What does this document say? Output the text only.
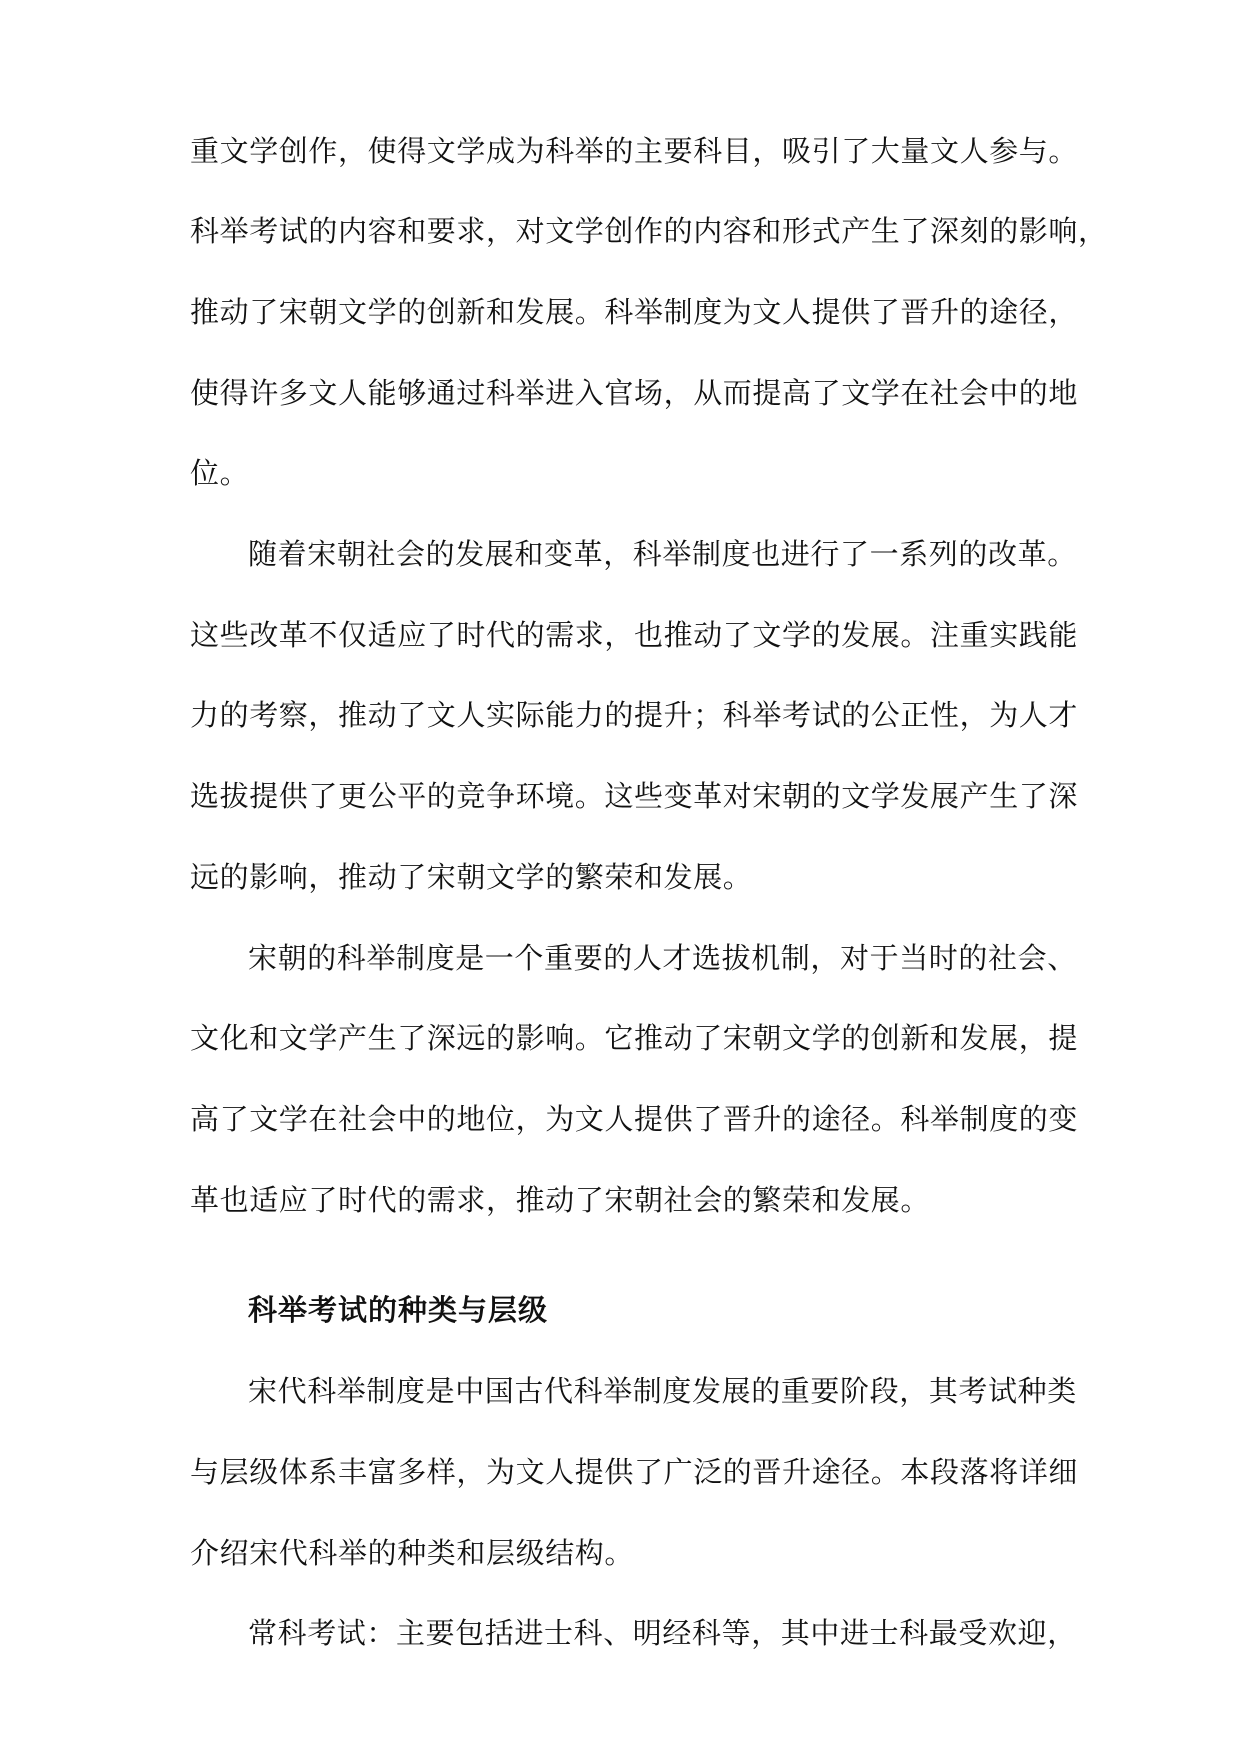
重文学创作，使得文学成为科举的主要科目，吸引了大量文人参与。

科举考试的内容和要求，对文学创作的内容和形式产生了深刻的影响，

推动了宋朝文学的创新和发展。科举制度为文人提供了晋升的途径，

使得许多文人能够通过科举进入官场，从而提高了文学在社会中的地

位。

随着宋朝社会的发展和变革，科举制度也进行了一系列的改革。

这些改革不仅适应了时代的需求，也推动了文学的发展。注重实践能

力的考察，推动了文人实际能力的提升；科举考试的公正性，为人才

选拔提供了更公平的竞争环境。这些变革对宋朝的文学发展产生了深

远的影响，推动了宋朝文学的繁荣和发展。

宋朝的科举制度是一个重要的人才选拔机制，对于当时的社会、

文化和文学产生了深远的影响。它推动了宋朝文学的创新和发展，提

高了文学在社会中的地位，为文人提供了晋升的途径。科举制度的变

革也适应了时代的需求，推动了宋朝社会的繁荣和发展。

科举考试的种类与层级

宋代科举制度是中国古代科举制度发展的重要阶段，其考试种类

与层级体系丰富多样，为文人提供了广泛的晋升途径。本段落将详细

介绍宋代科举的种类和层级结构。

常科考试：主要包括进士科、明经科等，其中进士科最受欢迎，
